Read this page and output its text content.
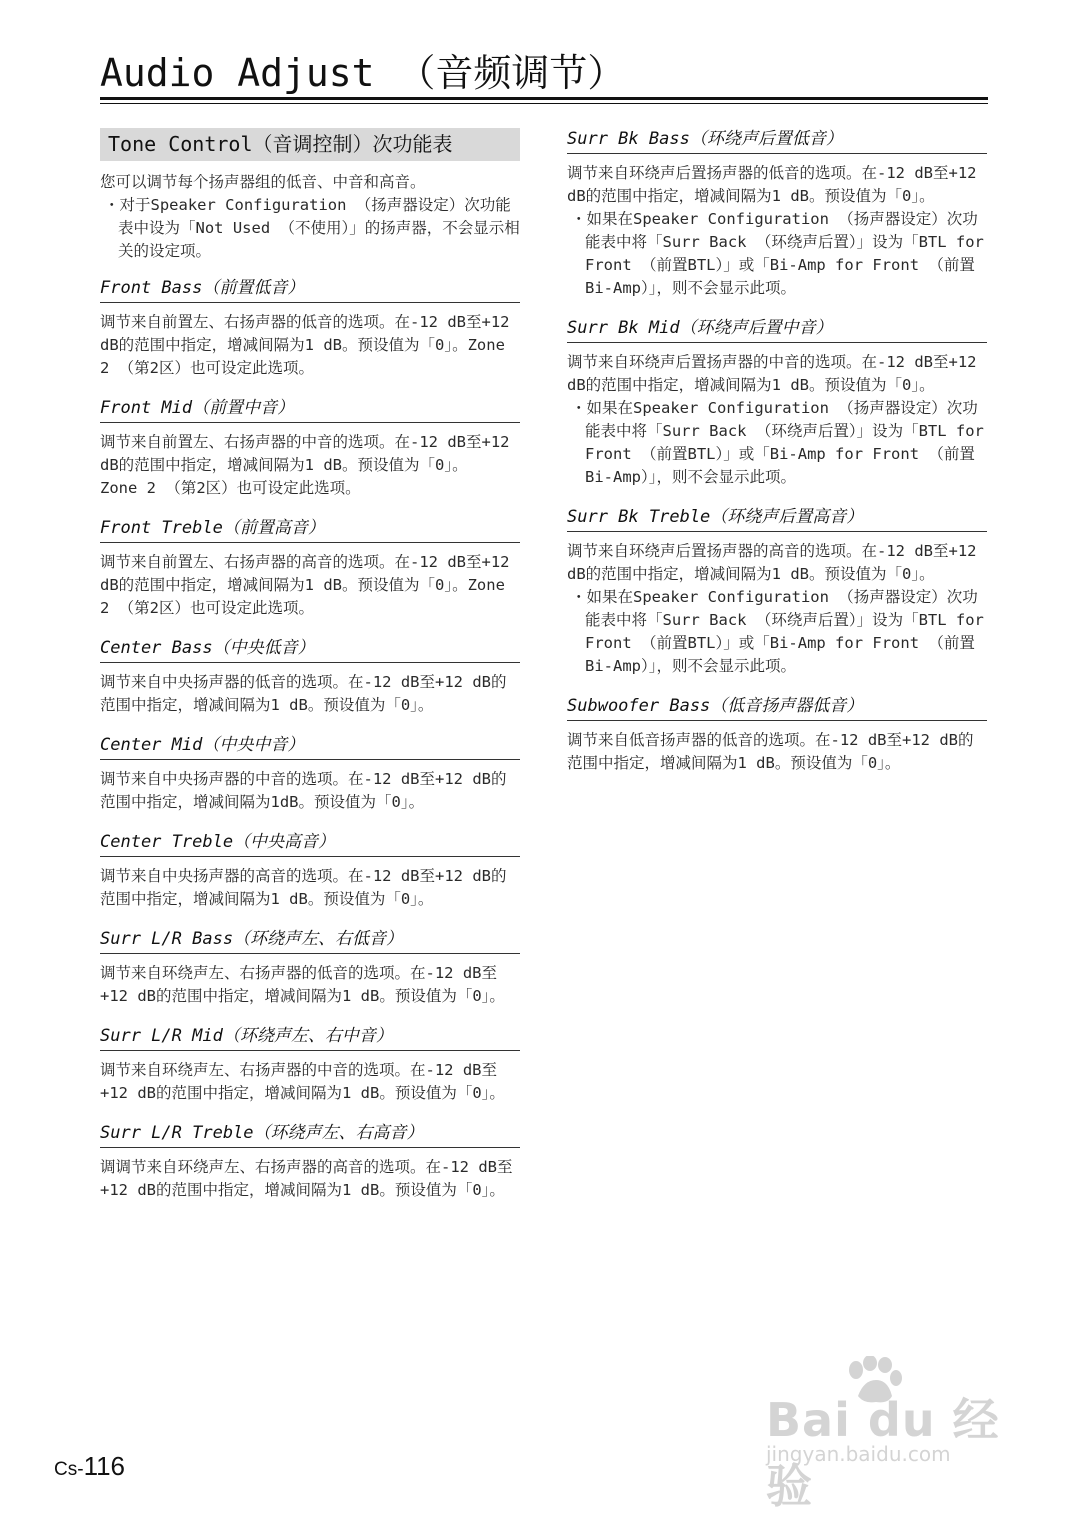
Audio Adjust （音频调节）
Tone Control（音调控制）次功能表
您可以调节每个扬声器组的低音、中音和高音。
・对于Speaker Configuration （扬声器设定）次功能表中设为「Not Used （不使用）」的扬声器，不会显示相关的设定项。
Front Bass（前置低音）
调节来自前置左、右扬声器的低音的选项。在-12 dB至+12 dB的范围中指定，增减间隔为1 dB。预设值为「0」。Zone 2 （第2区）也可设定此选项。
Front Mid（前置中音）
调节来自前置左、右扬声器的中音的选项。在-12 dB至+12 dB的范围中指定，增减间隔为1 dB。预设值为「0」。
Zone 2 （第2区）也可设定此选项。
Front Treble（前置高音）
调节来自前置左、右扬声器的高音的选项。在-12 dB至+12 dB的范围中指定，增减间隔为1 dB。预设值为「0」。Zone 2 （第2区）也可设定此选项。
Center Bass（中央低音）
调节来自中央扬声器的低音的选项。在-12 dB至+12 dB的范围中指定，增减间隔为1 dB。预设值为「0」。
Center Mid（中央中音）
调节来自中央扬声器的中音的选项。在-12 dB至+12 dB的范围中指定，增减间隔为1dB。预设值为「0」。
Center Treble（中央高音）
调节来自中央扬声器的高音的选项。在-12 dB至+12 dB的范围中指定，增减间隔为1 dB。预设值为「0」。
Surr L/R Bass（环绕声左、右低音）
调节来自环绕声左、右扬声器的低音的选项。在-12 dB至+12 dB的范围中指定，增减间隔为1 dB。预设值为「0」。
Surr L/R Mid（环绕声左、右中音）
调节来自环绕声左、右扬声器的中音的选项。在-12 dB至+12 dB的范围中指定，增减间隔为1 dB。预设值为「0」。
Surr L/R Treble（环绕声左、右高音）
调调节来自环绕声左、右扬声器的高音的选项。在-12 dB至+12 dB的范围中指定，增减间隔为1 dB。预设值为「0」。
Surr Bk Bass（环绕声后置低音）
调节来自环绕声后置扬声器的低音的选项。在-12 dB至+12 dB的范围中指定，增减间隔为1 dB。预设值为「0」。
・如果在Speaker Configuration （扬声器设定）次功能表中将「Surr Back （环绕声后置）」设为「BTL for Front （前置BTL）」或「Bi-Amp for Front （前置Bi-Amp）」，则不会显示此项。
Surr Bk Mid（环绕声后置中音）
调节来自环绕声后置扬声器的中音的选项。在-12 dB至+12 dB的范围中指定，增减间隔为1 dB。预设值为「0」。
・如果在Speaker Configuration （扬声器设定）次功能表中将「Surr Back （环绕声后置）」设为「BTL for Front （前置BTL）」或「Bi-Amp for Front （前置Bi-Amp）」，则不会显示此项。
Surr Bk Treble（环绕声后置高音）
调节来自环绕声后置扬声器的高音的选项。在-12 dB至+12 dB的范围中指定，增减间隔为1 dB。预设值为「0」。
・如果在Speaker Configuration （扬声器设定）次功能表中将「Surr Back （环绕声后置）」设为「BTL for Front （前置BTL）」或「Bi-Amp for Front （前置Bi-Amp）」，则不会显示此项。
Subwoofer Bass（低音扬声器低音）
调节来自低音扬声器的低音的选项。在-12 dB至+12 dB的范围中指定，增减间隔为1 dB。预设值为「0」。
Cs-116
Bai du 经验
jingyan.baidu.com
